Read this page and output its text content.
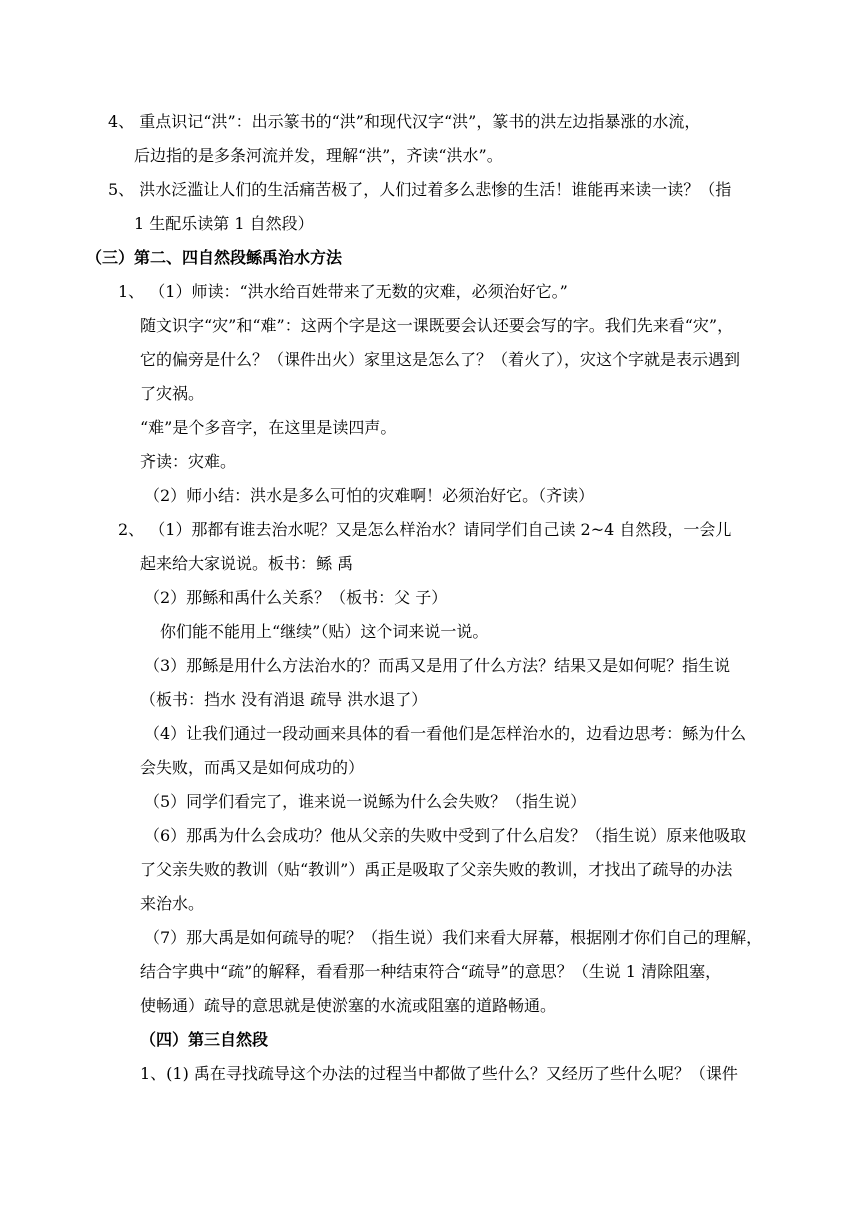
4、 重点识记“洪”：出示篆书的“洪”和现代汉字“洪”，篆书的洪左边指暴涨的水流，
后边指的是多条河流并发，理解“洪”，齐读“洪水”。
5、 洪水泛滥让人们的生活痛苦极了，人们过着多么悲惨的生活！谁能再来读一读？（指
1 生配乐读第 1 自然段）
（三）第二、四自然段鲧禹治水方法
1、 （1）师读：“洪水给百姓带来了无数的灾难，必须治好它。”
随文识字“灾”和“难”：这两个字是这一课既要会认还要会写的字。我们先来看“灾”，
它的偏旁是什么？（课件出火）家里这是怎么了？（着火了），灾这个字就是表示遇到
了灾祸。
“难”是个多音字，在这里是读四声。
齐读：灾难。
（2）师小结：洪水是多么可怕的灾难啊！必须治好它。（齐读）
2、 （1）那都有谁去治水呢？又是怎么样治水？请同学们自己读 2~4 自然段，一会儿
起来给大家说说。板书：鲧 禹
（2）那鲧和禹什么关系？（板书：父 子）
你们能不能用上“继续”（贴）这个词来说一说。
（3）那鲧是用什么方法治水的？而禹又是用了什么方法？结果又是如何呢？指生说
（板书：挡水 没有消退 疏导 洪水退了）
（4）让我们通过一段动画来具体的看一看他们是怎样治水的，边看边思考：鲧为什么
会失败，而禹又是如何成功的）
（5）同学们看完了，谁来说一说鲧为什么会失败？（指生说）
（6）那禹为什么会成功？他从父亲的失败中受到了什么启发？（指生说）原来他吸取
了父亲失败的教训（贴“教训”）禹正是吸取了父亲失败的教训，才找出了疏导的办法
来治水。
（7）那大禹是如何疏导的呢？（指生说）我们来看大屏幕，根据刚才你们自己的理解，
结合字典中“疏”的解释，看看那一种结束符合“疏导”的意思？（生说 1 清除阻塞，
使畅通）疏导的意思就是使淤塞的水流或阻塞的道路畅通。
（四）第三自然段
1、(1) 禹在寻找疏导这个办法的过程当中都做了些什么？又经历了些什么呢？（课件
